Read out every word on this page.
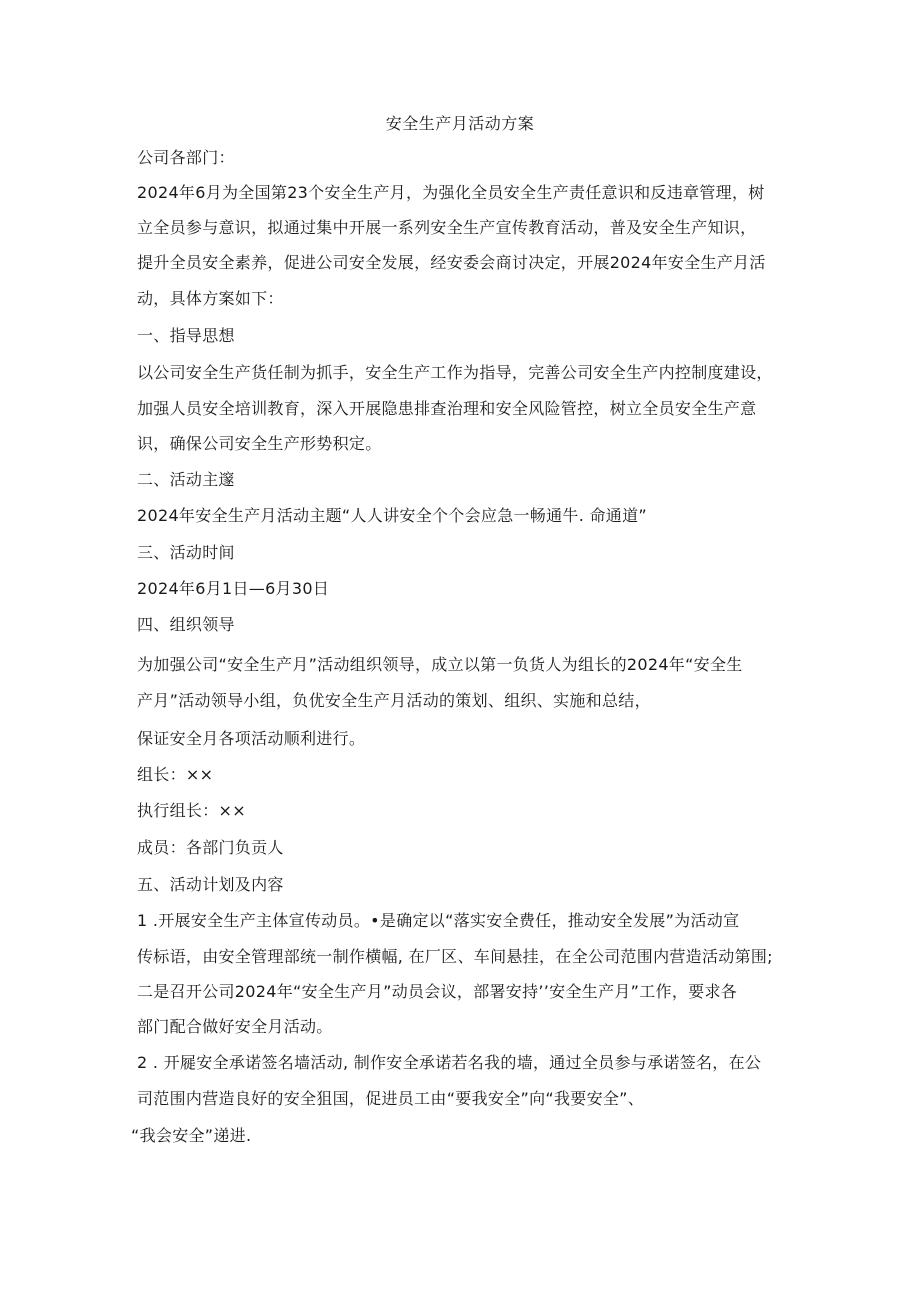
安全生产月活动方案
公司各部门：
2024年6月为全国第23个安全生产月，为强化全员安全生产责任意识和反违章管理，树
立全员参与意识，拟通过集中开展一系列安全生产宣传教育活动，普及安全生产知识，
提升全员安全素养，促进公司安全发展，经安委会商讨决定，开展2024年安全生产月活
动，具体方案如下：
一、指导思想
以公司安全生产货任制为抓手，安全生产工作为指导，完善公司安全生产内控制度建设，
加强人员安全培训教育，深入开展隐患排查治理和安全风险管控，树立全员安全生产意
识，确保公司安全生产形势积定。
二、活动主邃
2024年安全生产月活动主题“人人讲安全个个会应急一畅通牛. 命通道”
三、活动时间
2024年6月1日—6月30日
四、组织领导
为加强公司“安全生产月”活动组织领导，成立以第一负货人为组长的2024年“安全生
产月”活动领导小组，负优安全生产月活动的策划、组织、实施和总结，
保证安全月各项活动顺利进行。
组长：××
执行组长：××
成员：各部门负贡人
五、活动计划及内容
1 .开展安全生产主体宣传动员。•是确定以“落实安全费任，推动安全发展”为活动宣
传标语，由安全管理部统一制作横幅, 在厂区、车间悬挂，在全公司范围内营造活动第围;
二是召开公司2024年“安全生产月”动员会议，部署安持’’安全生产月”工作，要求各
部门配合做好安全月活动。
2 . 开屣安全承诺签名墙活动, 制作安全承诺若名我的墙，通过全员参与承诺签名，在公
司范围内营造良好的安全狙国，促进员工由“要我安全”向“我要安全”、
“我会安全”递进.
